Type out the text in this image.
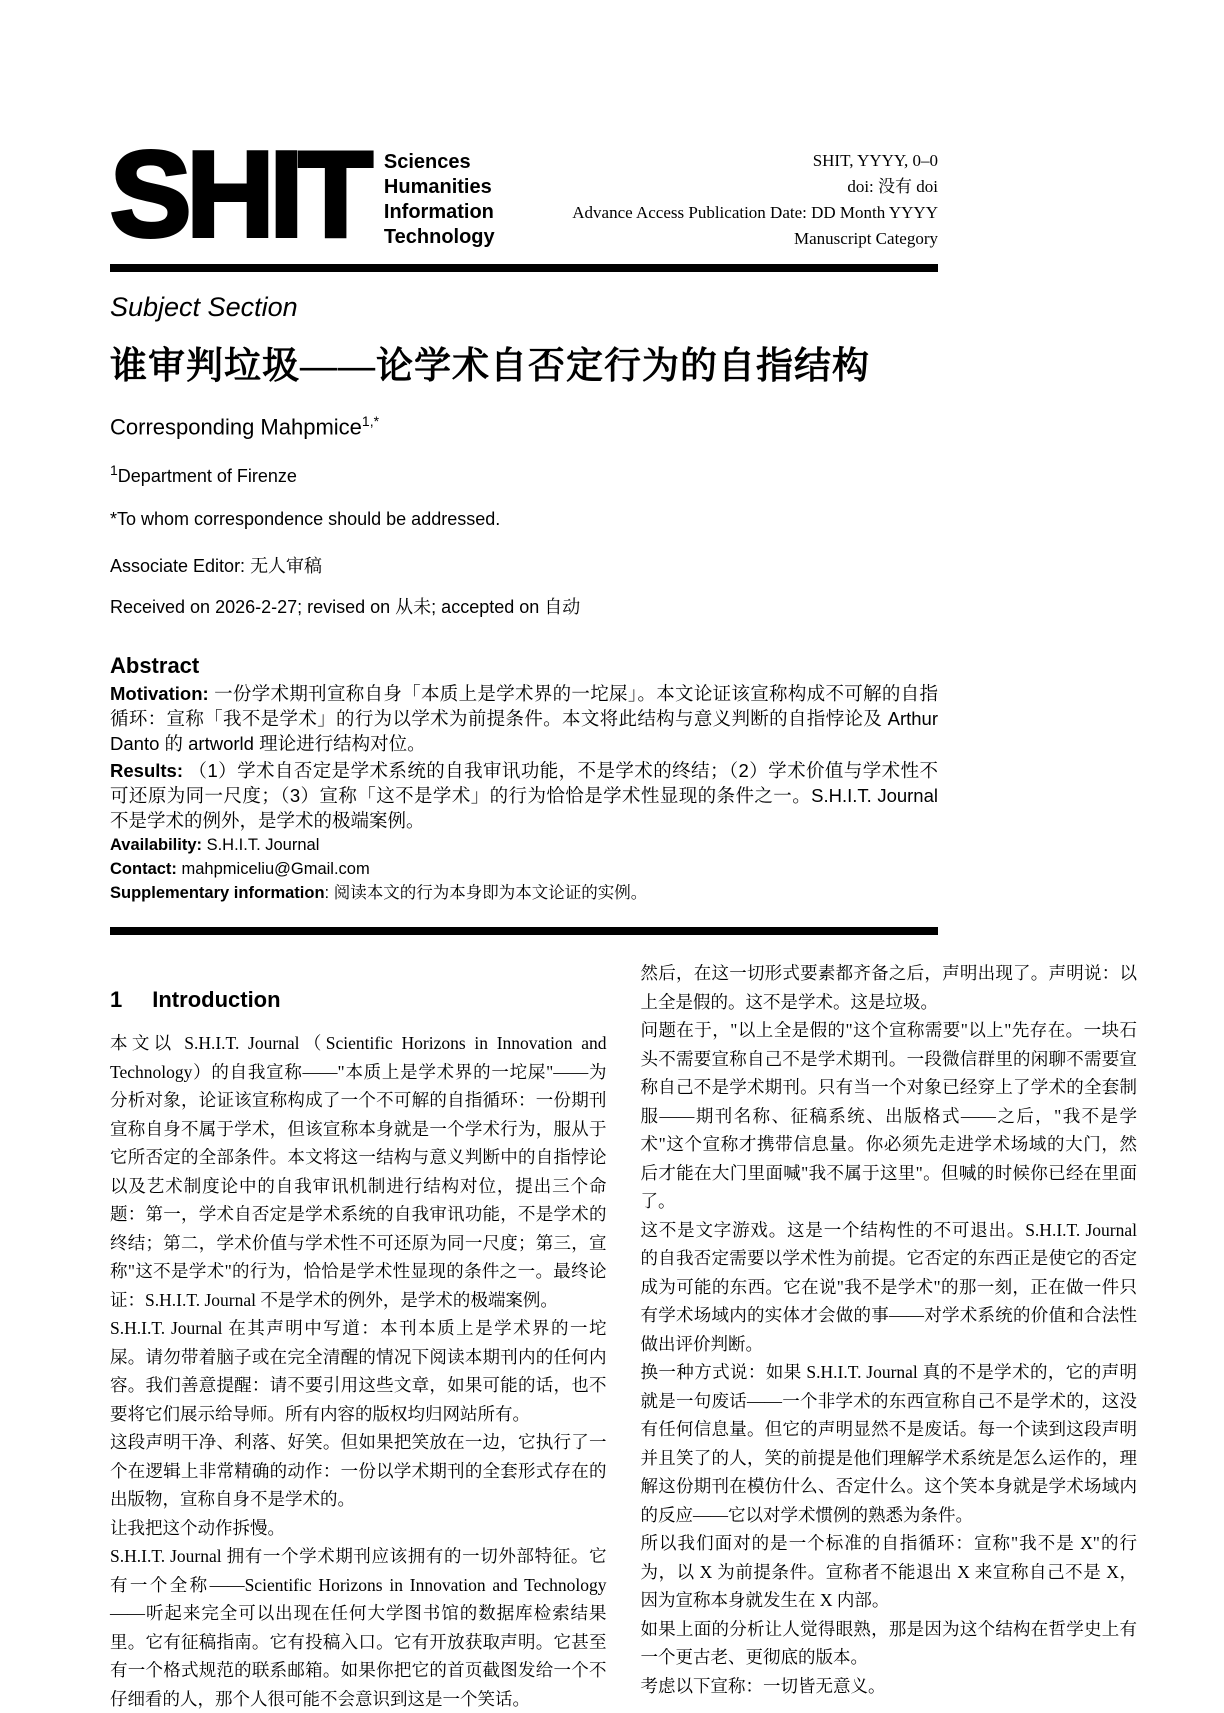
SHIT Sciences
Humanities
Information
Technology
SHIT, YYYY, 0–0
doi: 没有 doi
Advance Access Publication Date: DD Month YYYY
Manuscript Category
Subject Section
谁审判垃圾——论学术自否定行为的自指结构
Corresponding Mahpmice$^{1,*}$
$^1$Department of Firenze
*To whom correspondence should be addressed.
Associate Editor: 无人审稿
Received on 2026-2-27; revised on 从未; accepted on 自动
Abstract

Motivation: 一份学术期刊宣称自身「本质上是学术界的一坨屎」。本文论证该宣称构成不可解的自指循环：宣称「我不是学术」的行为以学术为前提条件。本文将此结构与意义判断的自指悖论及 Arthur Danto 的 artworld 理论进行结构对位。

Results: （1）学术自否定是学术系统的自我审讯功能，不是学术的终结；（2）学术价值与学术性不可还原为同一尺度；（3）宣称「这不是学术」的行为恰恰是学术性显现的条件之一。S.H.I.T. Journal 不是学术的例外，是学术的极端案例。

Availability: S.H.I.T. Journal

Contact: mahpmiceliu@Gmail.com

Supplementary information: 阅读本文的行为本身即为本文论证的实例。

1 Introduction

本文以 S.H.I.T. Journal（Scientific Horizons in Innovation and Technology）的自我宣称——"本质上是学术界的一坨屎"——为分析对象，论证该宣称构成了一个不可解的自指循环：一份期刊宣称自身不属于学术，但该宣称本身就是一个学术行为，服从于它所否定的全部条件。本文将这一结构与意义判断中的自指悖论以及艺术制度论中的自我审讯机制进行结构对位，提出三个命题：第一，学术自否定是学术系统的自我审讯功能，不是学术的终结；第二，学术价值与学术性不可还原为同一尺度；第三，宣称"这不是学术"的行为，恰恰是学术性显现的条件之一。最终论证：S.H.I.T. Journal 不是学术的例外，是学术的极端案例。

S.H.I.T. Journal 在其声明中写道：本刊本质上是学术界的一坨屎。请勿带着脑子或在完全清醒的情况下阅读本期刊内的任何内容。我们善意提醒：请不要引用这些文章，如果可能的话，也不要将它们展示给导师。所有内容的版权均归网站所有。

这段声明干净、利落、好笑。但如果把笑放在一边，它执行了一个在逻辑上非常精确的动作：一份以学术期刊的全套形式存在的出版物，宣称自身不是学术的。

让我把这个动作拆慢。

S.H.I.T. Journal 拥有一个学术期刊应该拥有的一切外部特征。它有一个全称——Scientific Horizons in Innovation and Technology——听起来完全可以出现在任何大学图书馆的数据库检索结果里。它有征稿指南。它有投稿入口。它有开放获取声明。它甚至有一个格式规范的联系邮箱。如果你把它的首页截图发给一个不仔细看的人，那个人很可能不会意识到这是一个笑话。

然后，在这一切形式要素都齐备之后，声明出现了。声明说：以上全是假的。这不是学术。这是垃圾。

问题在于，"以上全是假的"这个宣称需要"以上"先存在。一块石头不需要宣称自己不是学术期刊。一段微信群里的闲聊不需要宣称自己不是学术期刊。只有当一个对象已经穿上了学术的全套制服——期刊名称、征稿系统、出版格式——之后，"我不是学术"这个宣称才携带信息量。你必须先走进学术场域的大门，然后才能在大门里面喊"我不属于这里"。但喊的时候你已经在里面了。

这不是文字游戏。这是一个结构性的不可退出。S.H.I.T. Journal 的自我否定需要以学术性为前提。它否定的东西正是使它的否定成为可能的东西。它在说"我不是学术"的那一刻，正在做一件只有学术场域内的实体才会做的事——对学术系统的价值和合法性做出评价判断。

换一种方式说：如果 S.H.I.T. Journal 真的不是学术的，它的声明就是一句废话——一个非学术的东西宣称自己不是学术的，这没有任何信息量。但它的声明显然不是废话。每一个读到这段声明并且笑了的人，笑的前提是他们理解学术系统是怎么运作的，理解这份期刊在模仿什么、否定什么。这个笑本身就是学术场域内的反应——它以对学术惯例的熟悉为条件。

所以我们面对的是一个标准的自指循环：宣称"我不是 X"的行为，以 X 为前提条件。宣称者不能退出 X 来宣称自己不是 X，因为宣称本身就发生在 X 内部。

如果上面的分析让人觉得眼熟，那是因为这个结构在哲学史上有一个更古老、更彻底的版本。

考虑以下宣称：一切皆无意义。
